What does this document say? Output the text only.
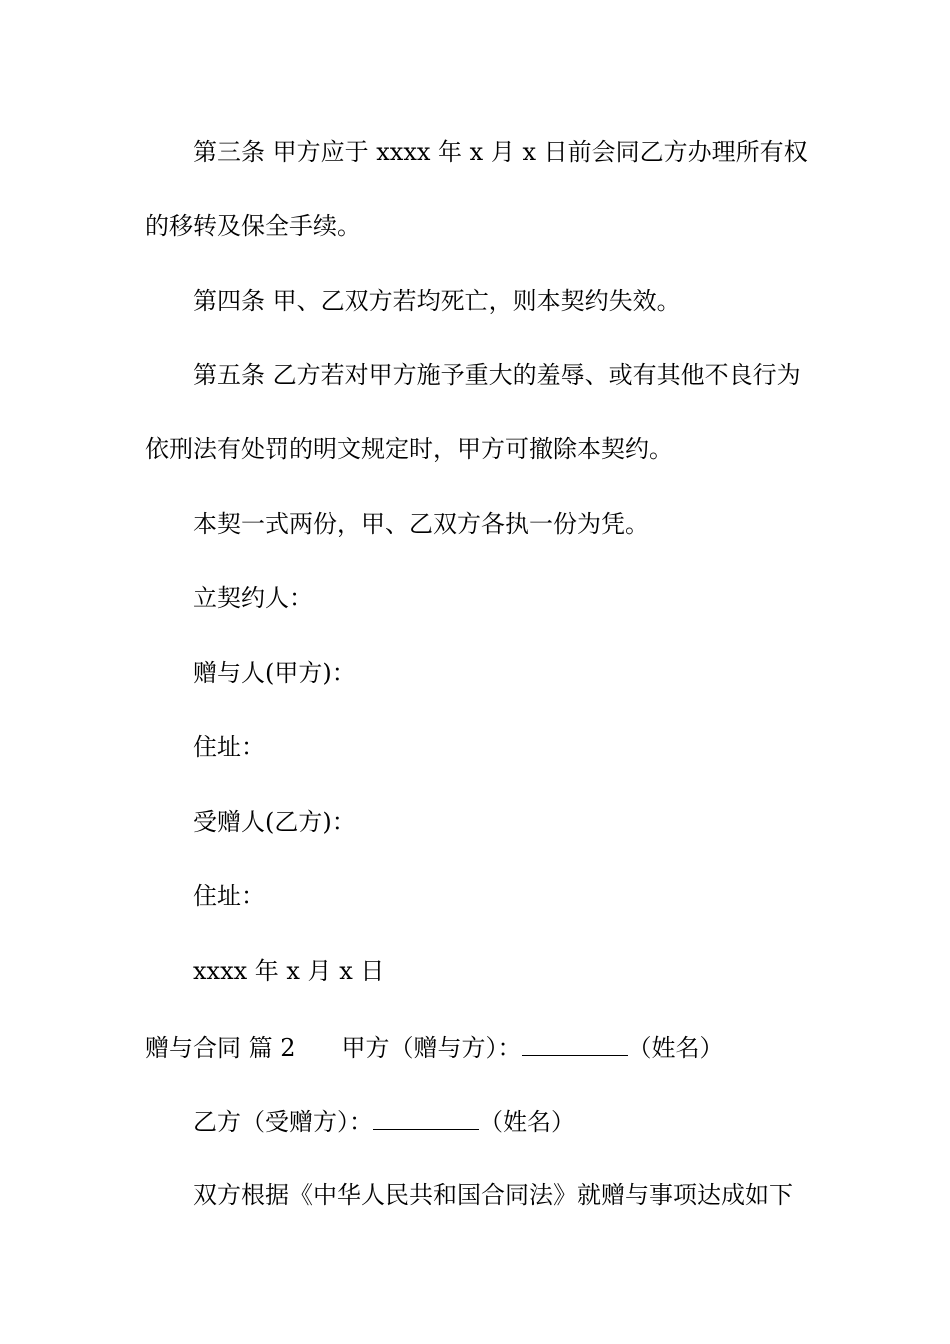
第三条 甲方应于 xxxx 年 x 月 x 日前会同乙方办理所有权
的移转及保全手续。
第四条 甲、乙双方若均死亡，则本契约失效。
第五条 乙方若对甲方施予重大的羞辱、或有其他不良行为
依刑法有处罚的明文规定时，甲方可撤除本契约。
本契一式两份，甲、乙双方各执一份为凭。
立契约人：
赠与人(甲方)：
住址：
受赠人(乙方)：
住址：
xxxx 年 x 月 x 日
赠与合同 篇 2 甲方（赠与方）：	（姓名）
乙方（受赠方）：	（姓名）
双方根据《中华人民共和国合同法》就赠与事项达成如下
